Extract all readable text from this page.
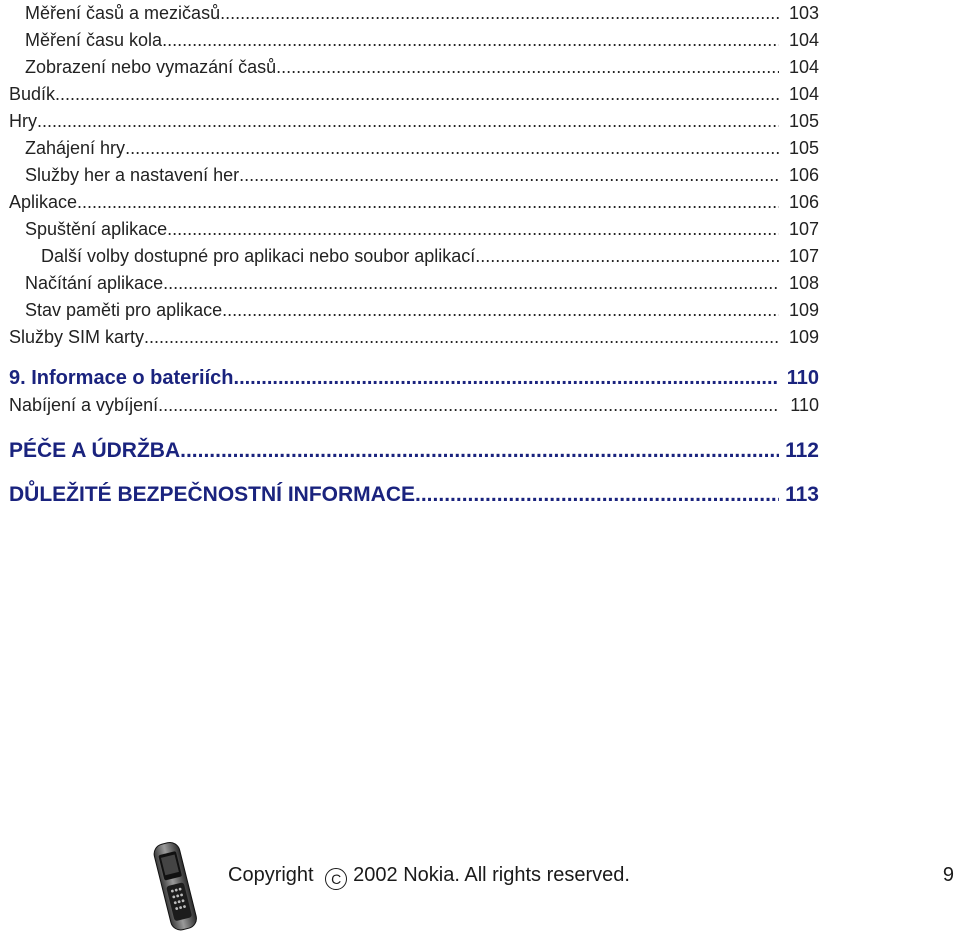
Měření časů a mezičasů .....	103
Měření času kola .....	104
Zobrazení nebo vymazání časů .....	104
Budík .....	104
Hry .....	105
Zahájení hry .....	105
Služby her a nastavení her .....	106
Aplikace .....	106
Spuštění aplikace .....	107
Další volby dostupné pro aplikaci nebo soubor aplikací .....	107
Načítání aplikace .....	108
Stav paměti pro aplikace .....	109
Služby SIM karty .....	109
9. Informace o bateriích .....	110
Nabíjení a vybíjení .....	110
PÉČE A ÚDRŽBA .....	112
DŮLEŽITÉ BEZPEČNOSTNÍ INFORMACE .....	113
Copyright C 2002 Nokia. All rights reserved.	9
